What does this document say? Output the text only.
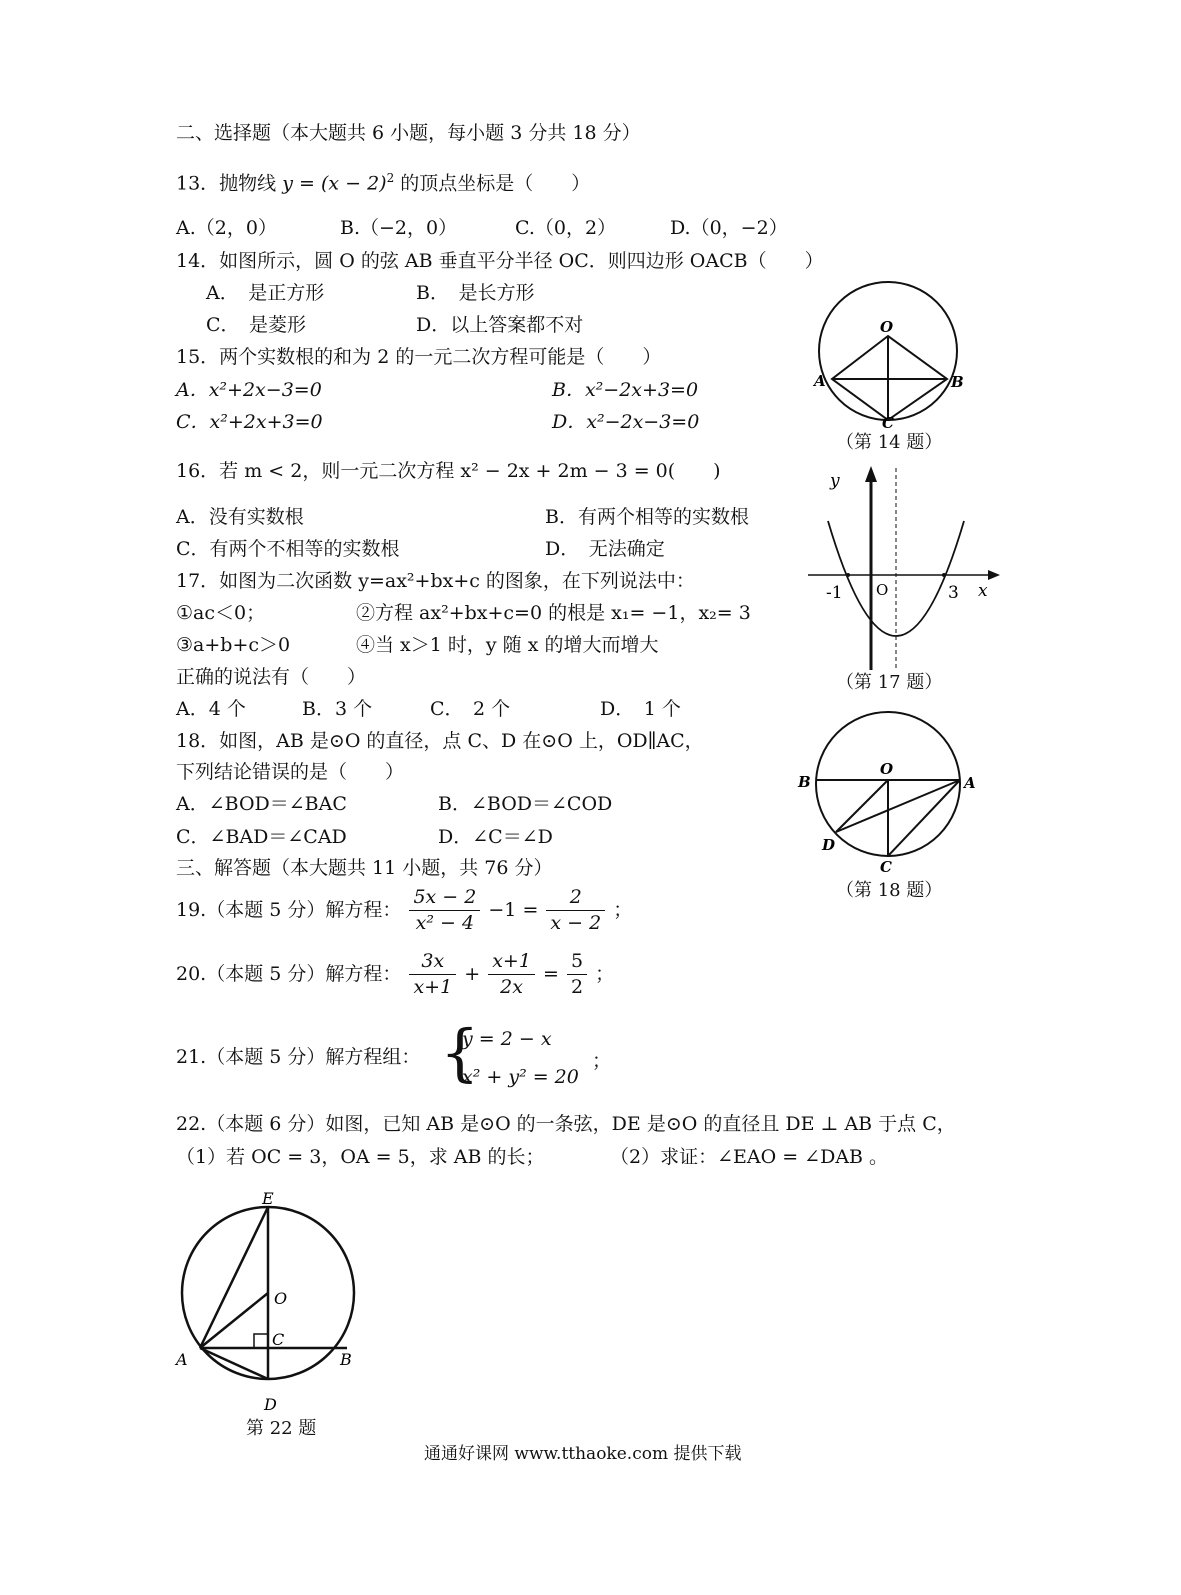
二、选择题（本大题共 6 小题，每小题 3 分共 18 分）
13．抛物线 $y = (x - 2)^2$ 的顶点坐标是（　　）
A.（2，0）	B.（−2，0）	C.（0，2）	D.（0，−2）
14．如图所示，圆 O 的弦 AB 垂直平分半径 OC．则四边形 OACB（　　）
A．　是正方形	B．　是长方形
C．　是菱形	D．以上答案都不对	O
A	B
C
（第 14 题）
15．两个实数根的和为 2 的一元二次方程可能是（　　）
A．x²+2x−3=0	B．x²−2x+3=0
C．x²+2x+3=0	D．x²−2x−3=0
16．若 m < 2，则一元二次方程 x² − 2x + 2m − 3 = 0(　　)
A．没有实数根	B．有两个相等的实数根
C．有两个不相等的实数根	D．　无法确定
17．如图为二次函数 y=ax²+bx+c 的图象，在下列说法中：
①ac＜0；	②方程 ax²+bx+c=0 的根是 x₁= −1，x₂= 3
③a+b+c＞0	④当 x＞1 时，y 随 x 的增大而增大
正确的说法有（　　）
A．4 个	B．3 个	C．　2 个	D．　1 个
y
x
O
-1	3
（第 17 题）
18．如图，AB 是⊙O 的直径，点 C、D 在⊙O 上，OD∥AC，
下列结论错误的是（　　）
A．∠BOD＝∠BAC	B．∠BOD＝∠COD
C．∠BAD＝∠CAD	D．∠C＝∠D
B
O
A
D
C
（第 18 题）
三、解答题（本大题共 11 小题，共 76 分）
19.（本题 5 分）解方程： $\frac{5x - 2}{\text{x² − 4}} -1 = \frac{2}{x - 2}$ ；
20.（本题 5 分）解方程： $\frac{3x}{x+1} + \frac{x+1}{2x} = \frac{5}{2}$ ；
21.（本题 5 分）解方程组： {
y = 2 − x
x² + y² = 20
；
22.（本题 6 分）如图，已知 AB 是⊙O 的一条弦，DE 是⊙O 的直径且 DE ⊥ AB 于点 C，
（1）若 OC = 3，OA = 5，求 AB 的长；	（2）求证：∠EAO = ∠DAB 。
E
O
C
A	B
D
第 22 题
通通好课网 www.tthaoke.com 提供下载
